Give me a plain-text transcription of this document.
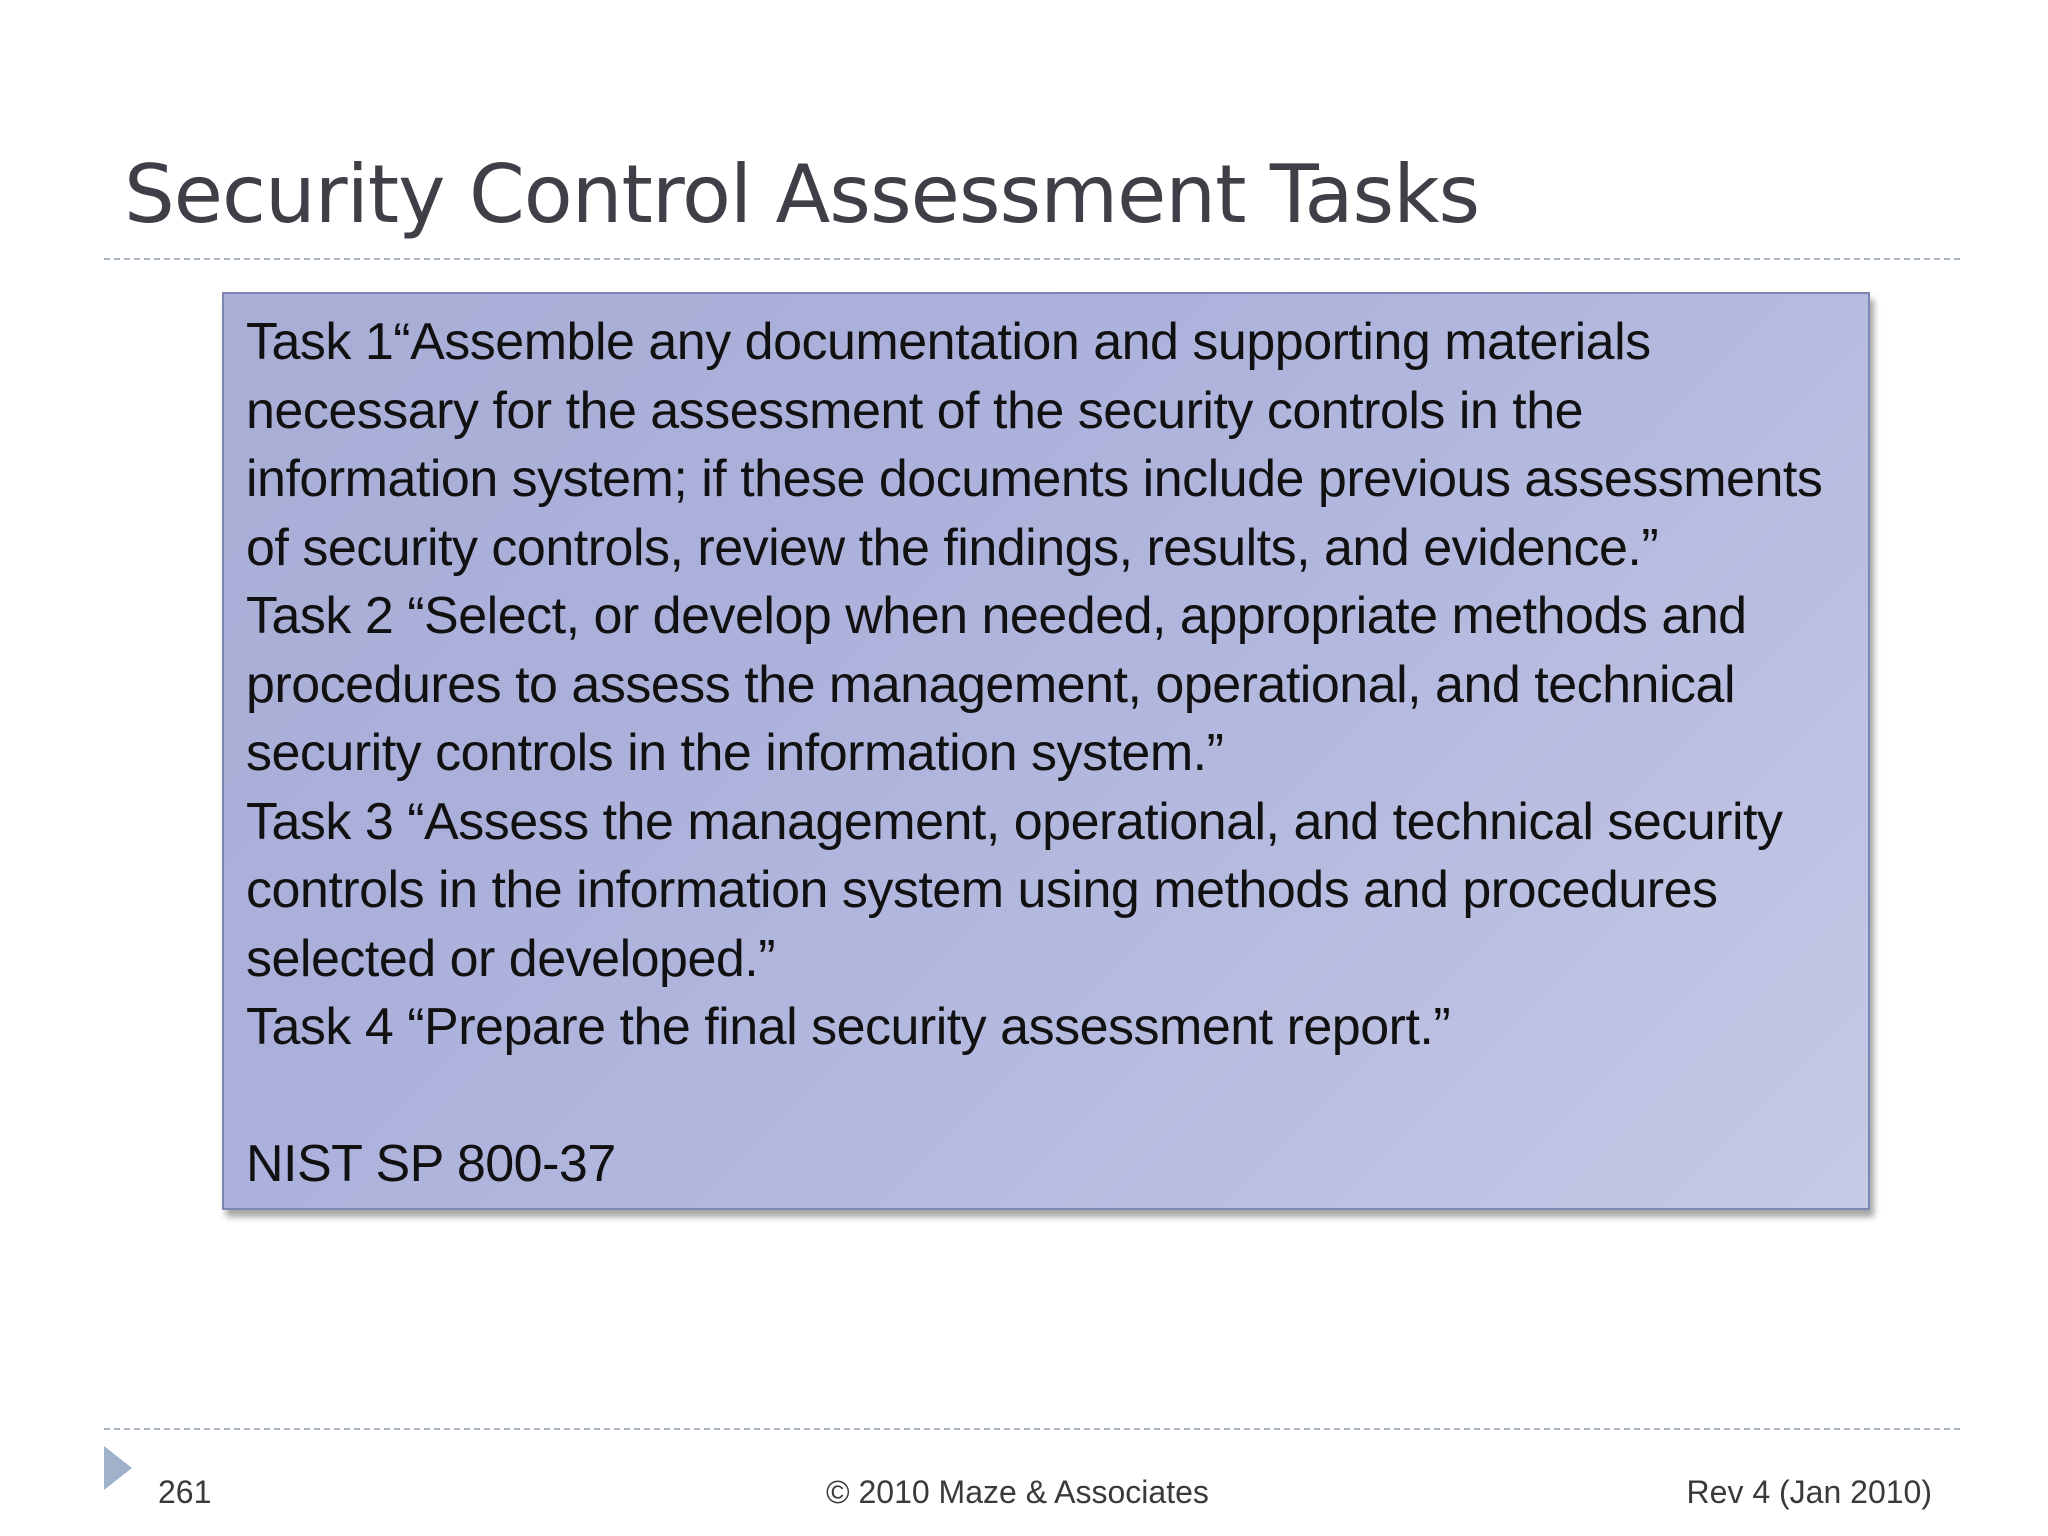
Security Control Assessment Tasks
Task 1“Assemble any documentation and supporting materials
necessary for the assessment of the security controls in the
information system; if these documents include previous assessments
of security controls, review the findings, results, and evidence.”
Task 2 “Select, or develop when needed, appropriate methods and
procedures to assess the management, operational, and technical
security controls in the information system.”
Task 3 “Assess the management, operational, and technical security
controls in the information system using methods and procedures
selected or developed.”
Task 4 “Prepare the final security assessment report.”
NIST SP 800-37
261	© 2010 Maze & Associates	Rev 4 (Jan 2010)
